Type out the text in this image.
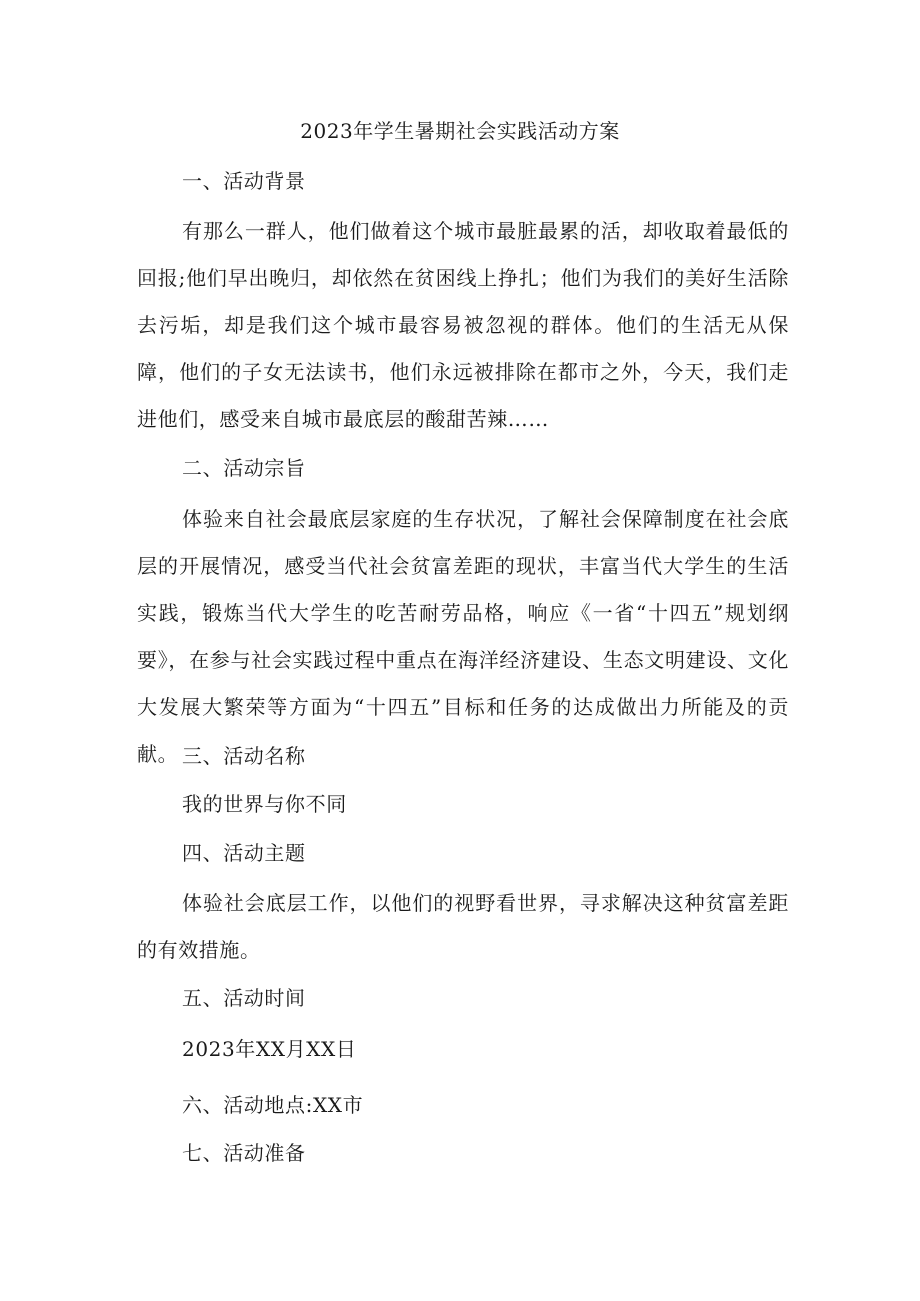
2023年学生暑期社会实践活动方案
一、活动背景
有那么一群人，他们做着这个城市最脏最累的活，却收取着最低的回报;他们早出晚归，却依然在贫困线上挣扎；他们为我们的美好生活除去污垢，却是我们这个城市最容易被忽视的群体。他们的生活无从保障，他们的子女无法读书，他们永远被排除在都市之外，今天，我们走进他们，感受来自城市最底层的酸甜苦辣……
二、活动宗旨
体验来自社会最底层家庭的生存状况，了解社会保障制度在社会底层的开展情况，感受当代社会贫富差距的现状，丰富当代大学生的生活实践，锻炼当代大学生的吃苦耐劳品格，响应《一省“十四五”规划纲要》，在参与社会实践过程中重点在海洋经济建设、生态文明建设、文化大发展大繁荣等方面为“十四五”目标和任务的达成做出力所能及的贡献。 三、活动名称
我的世界与你不同
四、活动主题
体验社会底层工作，以他们的视野看世界，寻求解决这种贫富差距的有效措施。
五、活动时间
2023年XX月XX日
六、活动地点:XX市
七、活动准备
